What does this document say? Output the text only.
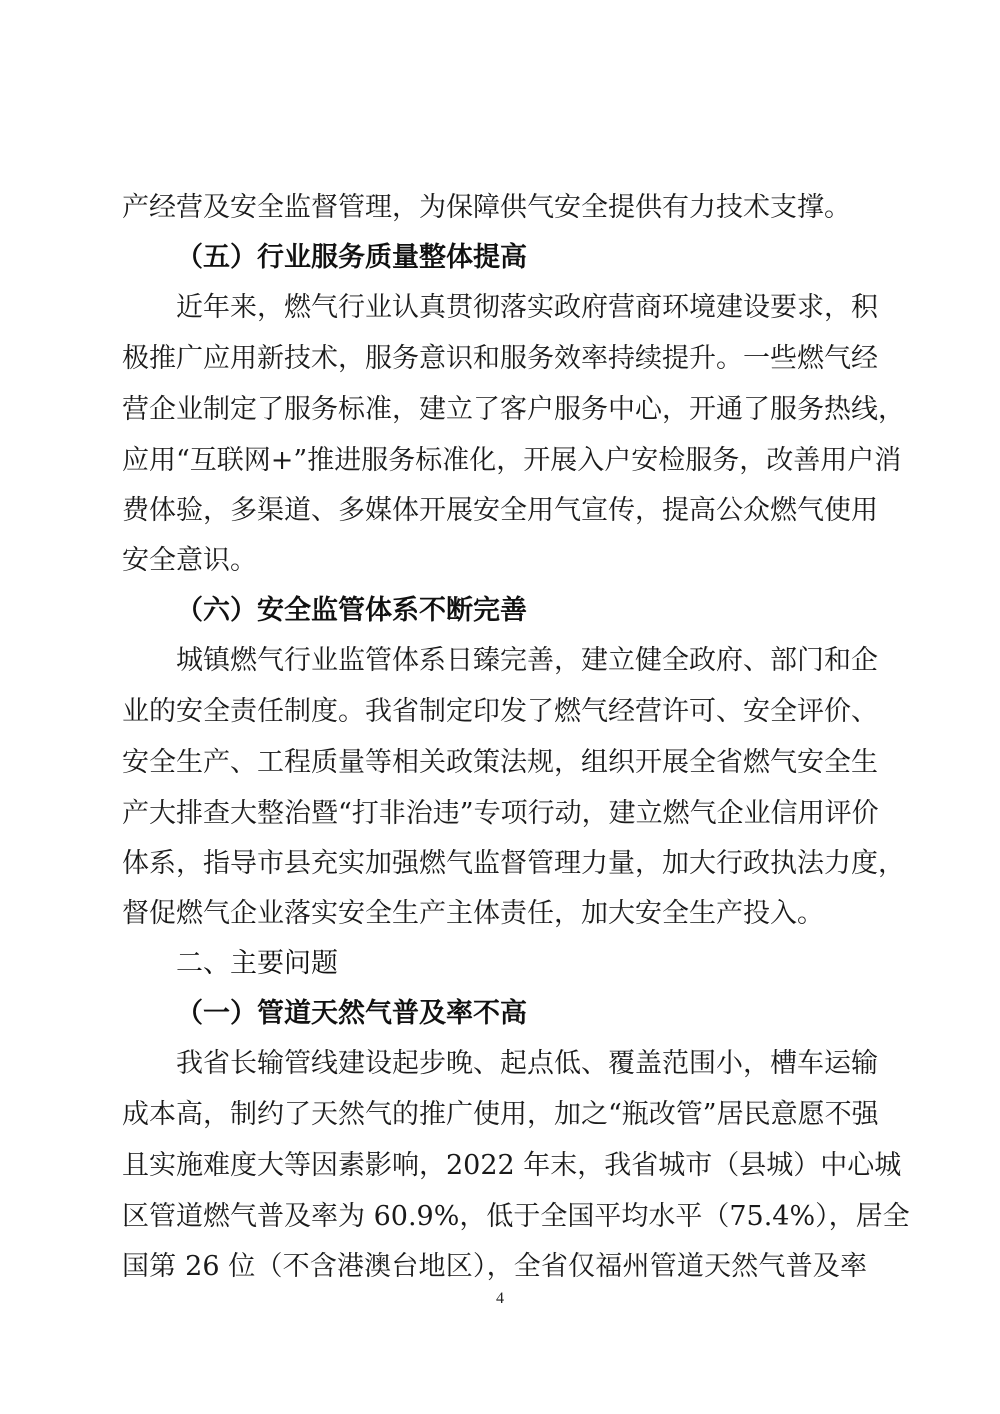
产经营及安全监督管理，为保障供气安全提供有力技术支撑。
（五）行业服务质量整体提高
近年来，燃气行业认真贯彻落实政府营商环境建设要求，积
极推广应用新技术，服务意识和服务效率持续提升。一些燃气经
营企业制定了服务标准，建立了客户服务中心，开通了服务热线，
应用“互联网+”推进服务标准化，开展入户安检服务，改善用户消
费体验，多渠道、多媒体开展安全用气宣传，提高公众燃气使用
安全意识。
（六）安全监管体系不断完善
城镇燃气行业监管体系日臻完善，建立健全政府、部门和企
业的安全责任制度。我省制定印发了燃气经营许可、安全评价、
安全生产、工程质量等相关政策法规，组织开展全省燃气安全生
产大排查大整治暨“打非治违”专项行动，建立燃气企业信用评价
体系，指导市县充实加强燃气监督管理力量，加大行政执法力度，
督促燃气企业落实安全生产主体责任，加大安全生产投入。
二、主要问题
（一）管道天然气普及率不高
我省长输管线建设起步晚、起点低、覆盖范围小，槽车运输
成本高，制约了天然气的推广使用，加之“瓶改管”居民意愿不强
且实施难度大等因素影响，2022 年末，我省城市（县城）中心城
区管道燃气普及率为 60.9%，低于全国平均水平（75.4%），居全
国第 26 位（不含港澳台地区），全省仅福州管道天然气普及率
4
